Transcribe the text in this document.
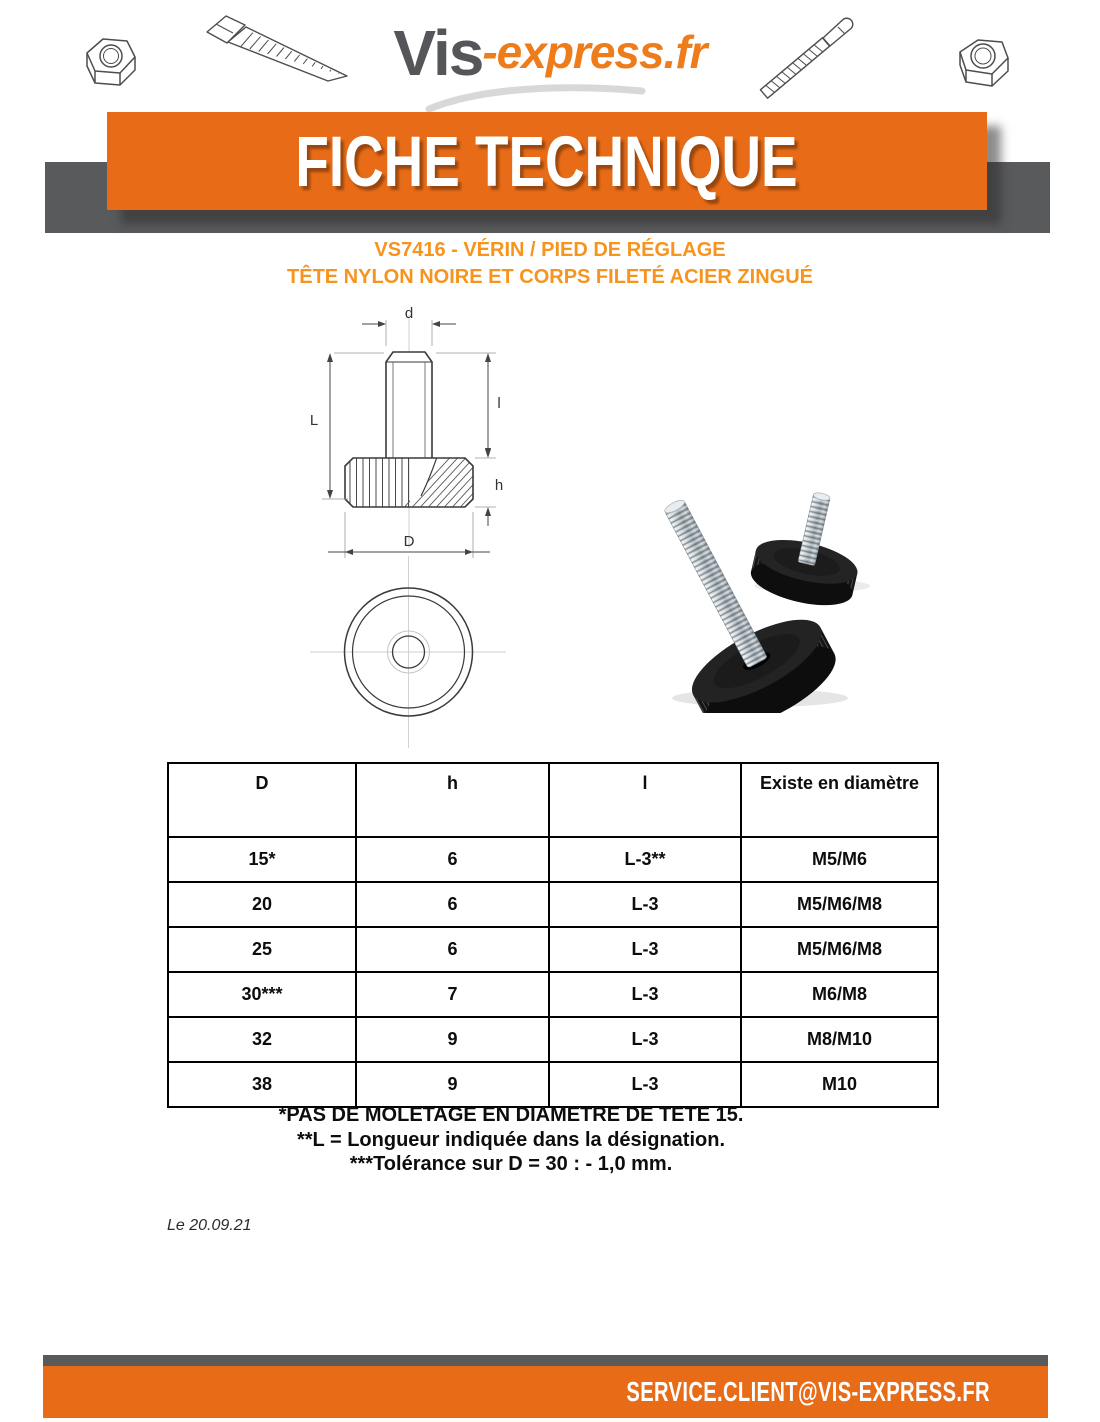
Vis-express.fr
FICHE TECHNIQUE
VS7416 - VÉRIN / PIED DE RÉGLAGE
TÊTE NYLON NOIRE ET CORPS FILETÉ ACIER ZINGUÉ
d
L
l
h
D
D	h	l	Existe en diamètre
15*	6	L-3**	M5/M6
20	6	L-3	M5/M6/M8
25	6	L-3	M5/M6/M8
30***	7	L-3	M6/M8
32	9	L-3	M8/M10
38	9	L-3	M10
*PAS DE MOLETAGE EN DIAMETRE DE TETE 15.
**L = Longueur indiquée dans la désignation.
***Tolérance sur D = 30 : - 1,0 mm.
Le 20.09.21
SERVICE.CLIENT@VIS-EXPRESS.FR
